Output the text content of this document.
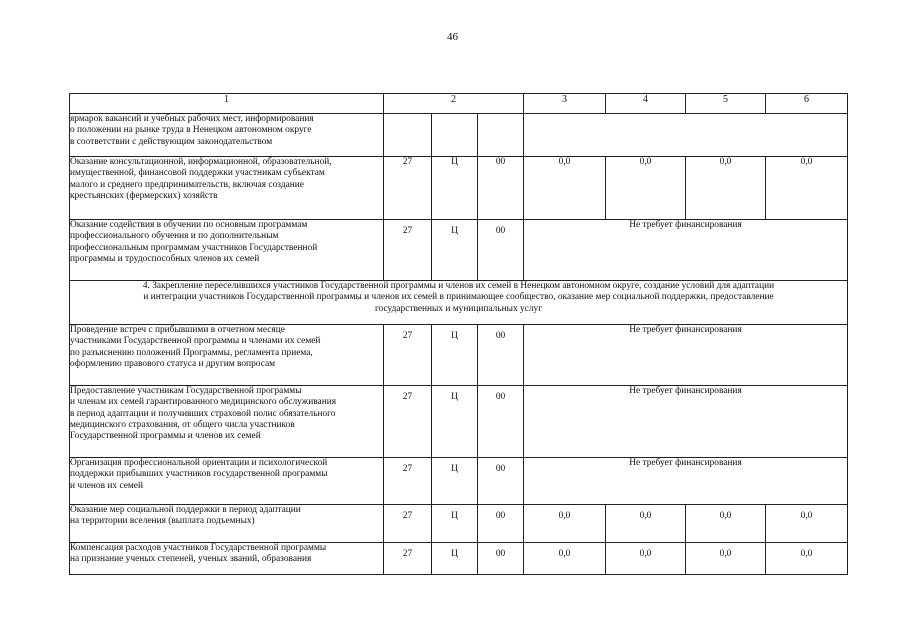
46
1	2			3	4	5	6
ярмарок вакансий и учебных рабочих мест, информирования
о положении на рынке труда в Ненецком автономном округе
в соответствии с действующим законодательством							
Оказание консультационной, информационной, образовательной,
имущественной, финансовой поддержки участникам субъектам
малого и среднего предпринимательств, включая создание
крестьянских (фермерских) хозяйств	27	Ц	00	0,0	0,0	0,0	0,0
Оказание содействия в обучении по основным программам
профессионального обучения и по дополнительным
профессиональным программам участников Государственной
программы и трудоспособных членов их семей	27	Ц	00	Не требует финансирования			
4. Закрепление переселившихся участников Государственной программы и членов их семей в Ненецком автономном округе, создание условий для адаптации
и интеграции участников Государственной программы и членов их семей в принимающее сообщество, оказание мер социальной поддержки, предоставление
государственных и муниципальных услуг							
Проведение встреч с прибывшими в отчетном месяце
участниками Государственной программы и членами их семей
по разъяснению положений Программы, регламента приема,
оформлению правового статуса и другим вопросам	27	Ц	00	Не требует финансирования			
Предоставление участникам Государственной программы
и членам их семей гарантированного медицинского обслуживания
в период адаптации и получивших страховой полис обязательного
медицинского страхования, от общего числа участников
Государственной программы и членов их семей	27	Ц	00	Не требует финансирования			
Организация профессиональной ориентации и психологической
поддержки прибывших участников государственной программы
и членов их семей	27	Ц	00	Не требует финансирования			
Оказание мер социальной поддержки в период адаптации
на территории вселения (выплата подъемных)	27	Ц	00	0,0	0,0	0,0	0,0
Компенсация расходов участников Государственной программы
на признание ученых степеней, ученых званий, образования	27	Ц	00	0,0	0,0	0,0	0,0
